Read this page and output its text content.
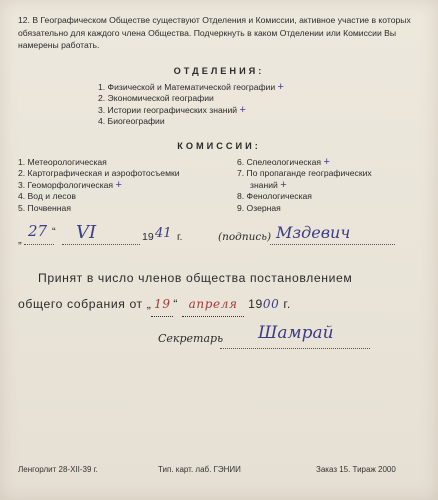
12. В Географическом Обществе существуют Отделения и Комиссии, активное участие в которых обязательно для каждого члена Общества. Подчеркнуть в каком Отделении или Комиссии Вы намерены работать.
ОТДЕЛЕНИЯ:
1. Физической и Математической географии +
2. Экономической географии
3. Истории географических знаний +
4. Биогеографии
КОМИССИИ:
1. Метеорологическая
2. Картографическая и аэрофотосъемки
3. Геоморфологическая +
4. Вод и лесов
5. Почвенная
6. Спелеологическая +
7. По пропаганде географических
знаний +
8. Фенологическая
9. Озерная
„ 27 “ VI	19 41 г.	(подпись) Мздевич
Принят в число членов общества постановлением
общего собрания от „ 19 “ апреля 1900 г.
Секретарь Шамрай
Ленгорлит 28-XII-39 г.	Тип. карт. лаб. ГЭНИИ	Заказ 15. Тираж 2000
